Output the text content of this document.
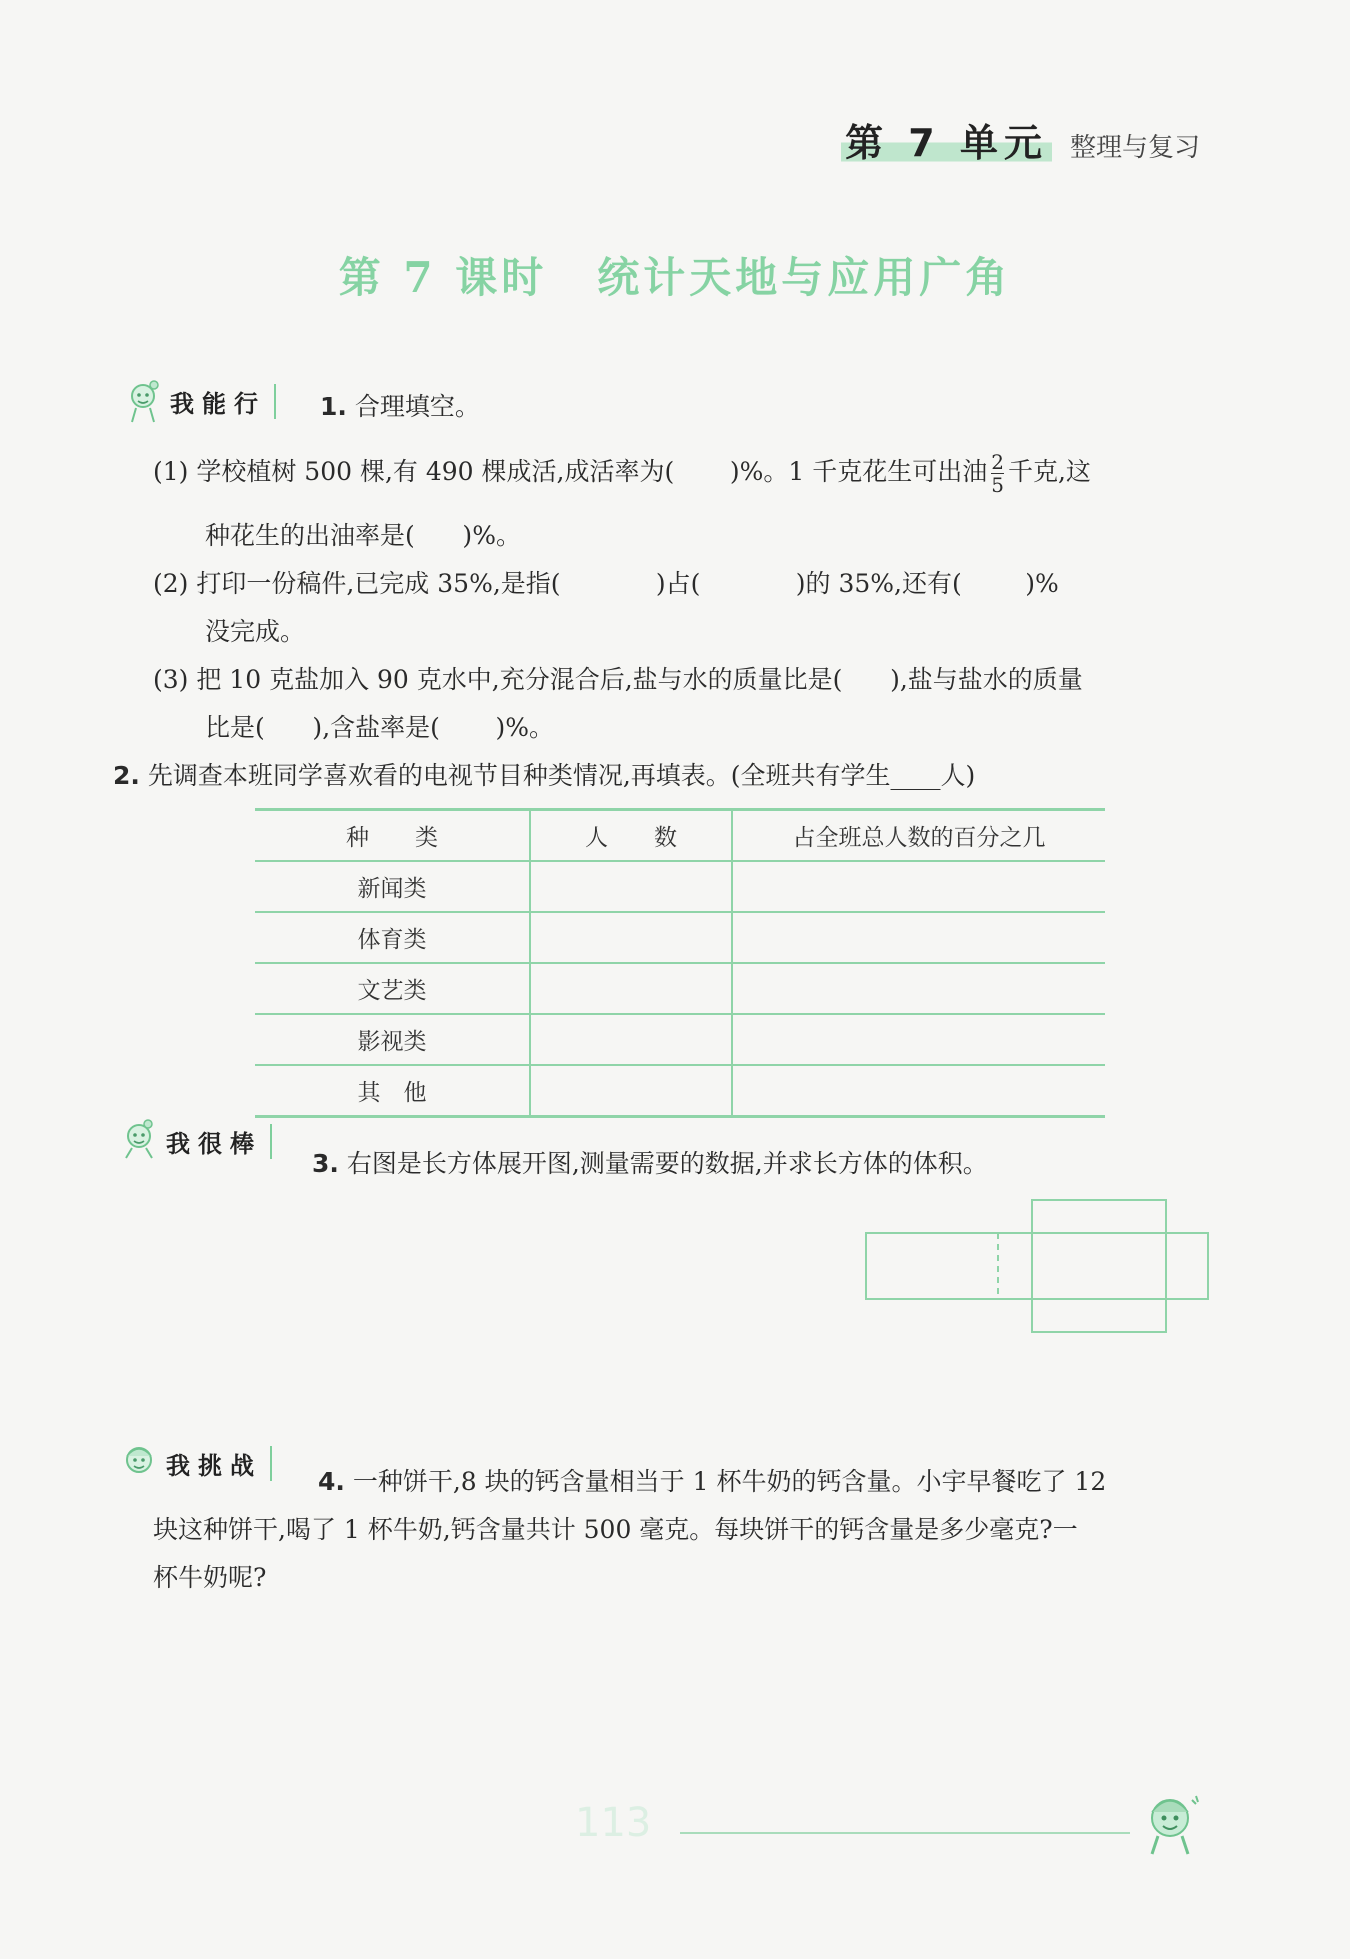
第 7 单元 整理与复习
第 7 课时 统计天地与应用广角
我能行	1. 合理填空。
(1) 学校植树 500 棵,有 490 棵成活,成活率为(       )%。1 千克花生可出油 $\frac{2}{5}$ 千克,这
种花生的出油率是(      )%。
(2) 打印一份稿件,已完成 35%,是指(            )占(            )的 35%,还有(        )%
没完成。
(3) 把 10 克盐加入 90 克水中,充分混合后,盐与水的质量比是(      ),盐与盐水的质量
比是(      ),含盐率是(       )%。
2. 先调查本班同学喜欢看的电视节目种类情况,再填表。(全班共有学生____人)
种　　类	人　　数	占全班总人数的百分之几
新闻类		
体育类		
文艺类		
影视类		
其　他		
我很棒
3. 右图是长方体展开图,测量需要的数据,并求长方体的体积。
我挑战
4. 一种饼干,8 块的钙含量相当于 1 杯牛奶的钙含量。小宇早餐吃了 12
块这种饼干,喝了 1 杯牛奶,钙含量共计 500 毫克。每块饼干的钙含量是多少毫克?一
杯牛奶呢?
113
